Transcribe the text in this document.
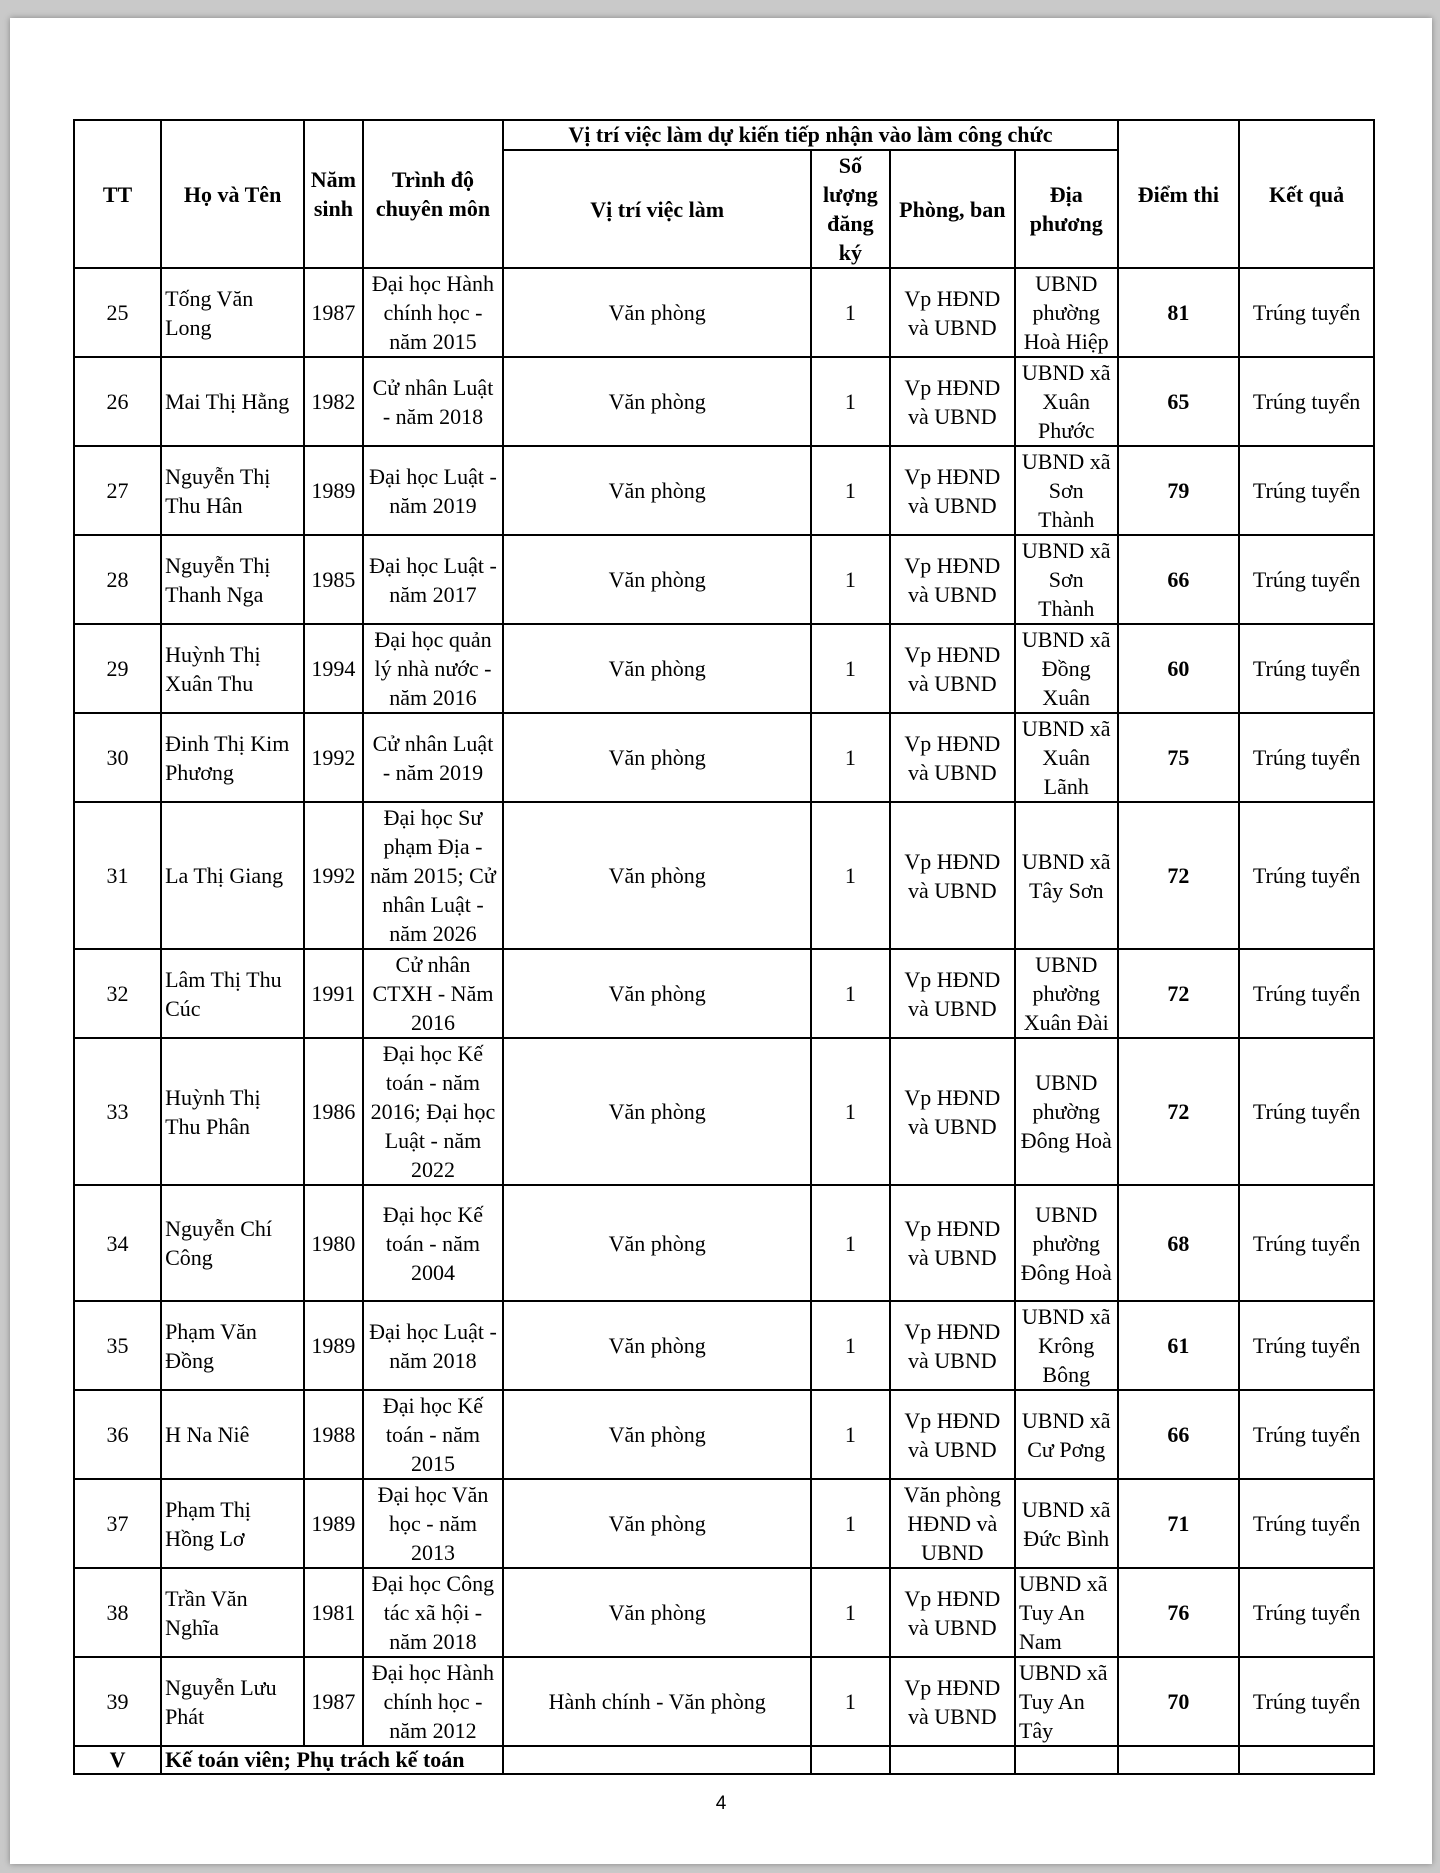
TT	Họ và Tên	Năm sinh	Trình độ chuyên môn	Vị trí việc làm dự kiến tiếp nhận vào làm công chức				Điểm thi	Kết quả
				Vị trí việc làm	Số lượng đăng ký	Phòng, ban	Địa phương		
25	Tống Văn Long	1987	Đại học Hành chính học - năm 2015	Văn phòng	1	Vp HĐND và UBND	UBND phường Hoà Hiệp	81	Trúng tuyển
26	Mai Thị Hằng	1982	Cử nhân Luật - năm 2018	Văn phòng	1	Vp HĐND và UBND	UBND xã Xuân Phước	65	Trúng tuyển
27	Nguyễn Thị Thu Hân	1989	Đại học Luật - năm 2019	Văn phòng	1	Vp HĐND và UBND	UBND xã Sơn Thành	79	Trúng tuyển
28	Nguyễn Thị Thanh Nga	1985	Đại học Luật - năm 2017	Văn phòng	1	Vp HĐND và UBND	UBND xã Sơn Thành	66	Trúng tuyển
29	Huỳnh Thị Xuân Thu	1994	Đại học quản lý nhà nước - năm 2016	Văn phòng	1	Vp HĐND và UBND	UBND xã Đồng Xuân	60	Trúng tuyển
30	Đinh Thị Kim Phương	1992	Cử nhân Luật - năm 2019	Văn phòng	1	Vp HĐND và UBND	UBND xã Xuân Lãnh	75	Trúng tuyển
31	La Thị Giang	1992	Đại học Sư phạm Địa - năm 2015; Cử nhân Luật - năm 2026	Văn phòng	1	Vp HĐND và UBND	UBND xã Tây Sơn	72	Trúng tuyển
32	Lâm Thị Thu Cúc	1991	Cử nhân CTXH - Năm 2016	Văn phòng	1	Vp HĐND và UBND	UBND phường Xuân Đài	72	Trúng tuyển
33	Huỳnh Thị Thu Phân	1986	Đại học Kế toán - năm 2016; Đại học Luật - năm 2022	Văn phòng	1	Vp HĐND và UBND	UBND phường Đông Hoà	72	Trúng tuyển
34	Nguyễn Chí Công	1980	Đại học Kế toán - năm 2004	Văn phòng	1	Vp HĐND và UBND	UBND phường Đông Hoà	68	Trúng tuyển
35	Phạm Văn Đồng	1989	Đại học Luật - năm 2018	Văn phòng	1	Vp HĐND và UBND	UBND xã Krông Bông	61	Trúng tuyển
36	H Na Niê	1988	Đại học Kế toán - năm 2015	Văn phòng	1	Vp HĐND và UBND	UBND xã Cư Pơng	66	Trúng tuyển
37	Phạm Thị Hồng Lơ	1989	Đại học Văn học - năm 2013	Văn phòng	1	Văn phòng HĐND và UBND	UBND xã Đức Bình	71	Trúng tuyển
38	Trần Văn Nghĩa	1981	Đại học Công tác xã hội - năm 2018	Văn phòng	1	Vp HĐND và UBND	UBND xã Tuy An Nam	76	Trúng tuyển
39	Nguyễn Lưu Phát	1987	Đại học Hành chính học - năm 2012	Hành chính - Văn phòng	1	Vp HĐND và UBND	UBND xã Tuy An Tây	70	Trúng tuyển
V	Kế toán viên; Phụ trách kế toán								
4
